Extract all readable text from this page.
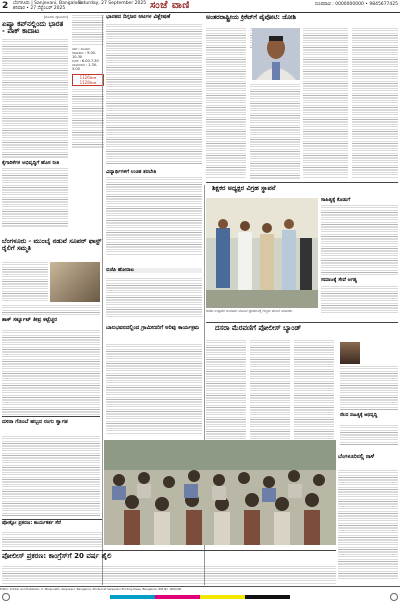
2 ಬೆಂಗಳೂರು | Sanjevani, Bangalore
ಶನಿವಾರ • 27 ಸೆಪ್ಟೆಂಬರ್ 2025
Saturday, 27 September 2025 ಸಂಜೆ ವಾಣಿ	ದೂರವಾಣಿ : 0000000000 • 9845677425
(ಮೊದಲ ಪುಟದಿಂದ)
ಏಷ್ಯಾ ಕಪ್‌ನಲ್ಲಿಂದು ಭಾರತ - ಪಾಕ್ ಕಾದಾಟ
ಕೈಗಾರಿಕೆಗಳ ಅಭಿವೃದ್ಧಿಗೆ ಹೊಸ ನೀತಿ
ಬೆಂಗಳೂರು - ಮುಂಬೈ ನಡುವೆ ಸೂಪರ್ ಫಾಸ್ಟ್ ರೈಲಿಗೆ ಸಮ್ಮತಿ
ಶಾಕ್ ಸರ್ಕ್ಯೂಟ್ ತೀವ್ರ ಕಟ್ಟೆಚ್ಚರ
ದಸರಾ ಗೊಂಬೆ ಹಬ್ಬದ ರಂಗು ಸ್ವಾಗತ
ನಾಳೆ : ಶನಿವಾರ
ರಾಹುಕಾಲ : 9.00-10.30
ಗುಳಿಕ : 6.00-7.30
ಯಮಗಂಡ : 1.30-3.00
1126ರಿಂದ
1128ರಿಂದ
ಭಾರತದ ದಿಗ್ಗಜರ ಆಟಗಳ ವಿಶ್ಲೇಷಣೆ
ವಿದ್ಯಾರ್ಥಿಗಳಿಗೆ ಉಚಿತ ತರಬೇತಿ
ಬಿಜೆಪಿ ಹೋರಾಟ
ಬಾಲಭವನದಲ್ಲಿಂದ ಗ್ರಾಮೀಣರಿಗೆ ಅರಿವು ಕಾರ್ಯಕ್ರಮ
ಅಂತರರಾಷ್ಟ್ರೀಯ ಕ್ರಿಕೆಟ್‌ಗೆ ಪೈಪೋಟಿ: ಜೋಶಿ
ಶಿಕ್ಷಕರ ಅಧ್ಯಕ್ಷರ ವಿಗ್ರಹ ಸ್ಥಾಪನೆ
ದಸರಾ ಉತ್ಸವದ ಅಂಗವಾಗಿ ಬೊಂಬೆ ಪ್ರದರ್ಶನಕ್ಕೆ ಗಣ್ಯರು ಚಾಲನೆ ನೀಡಿದರು.
ಸಾಹಿತ್ಯಕ್ಕೆ ಕೊಡುಗೆ
ಸಮಾಜಕ್ಕೆ ಸೇವೆ ಅಗತ್ಯ
ದಸರಾ ಮೆರವಣಿಗೆ ಪೋಲೀಸ್ ಬ್ಯಾಂಡ್
ನೆಲದ ಸಾಹಿತ್ಯಕ್ಕೆ ಅಭಿವೃದ್ಧಿ
ಬೆಂಗಳೂರಿನಲ್ಲಿ ನಾಳೆ
ಪೋಕ್ಸೋ ಪ್ರಕರಣ: ಕಾರ್ಯಕರ್ತ ಸೆರೆ
ಪೋಲೀಸ್ ಪ್ರಕರಣ: ಕಾಂಗ್ರೆಸ್‌ಗೆ 20 ವರ್ಷ ಶೈಲಿ
Editor, Printer and Publisher: S. Manjunath, Sanjevani, Bangalore. Printed at Sanjevani Printing Press, Bangalore. RNI No. 0000/00
